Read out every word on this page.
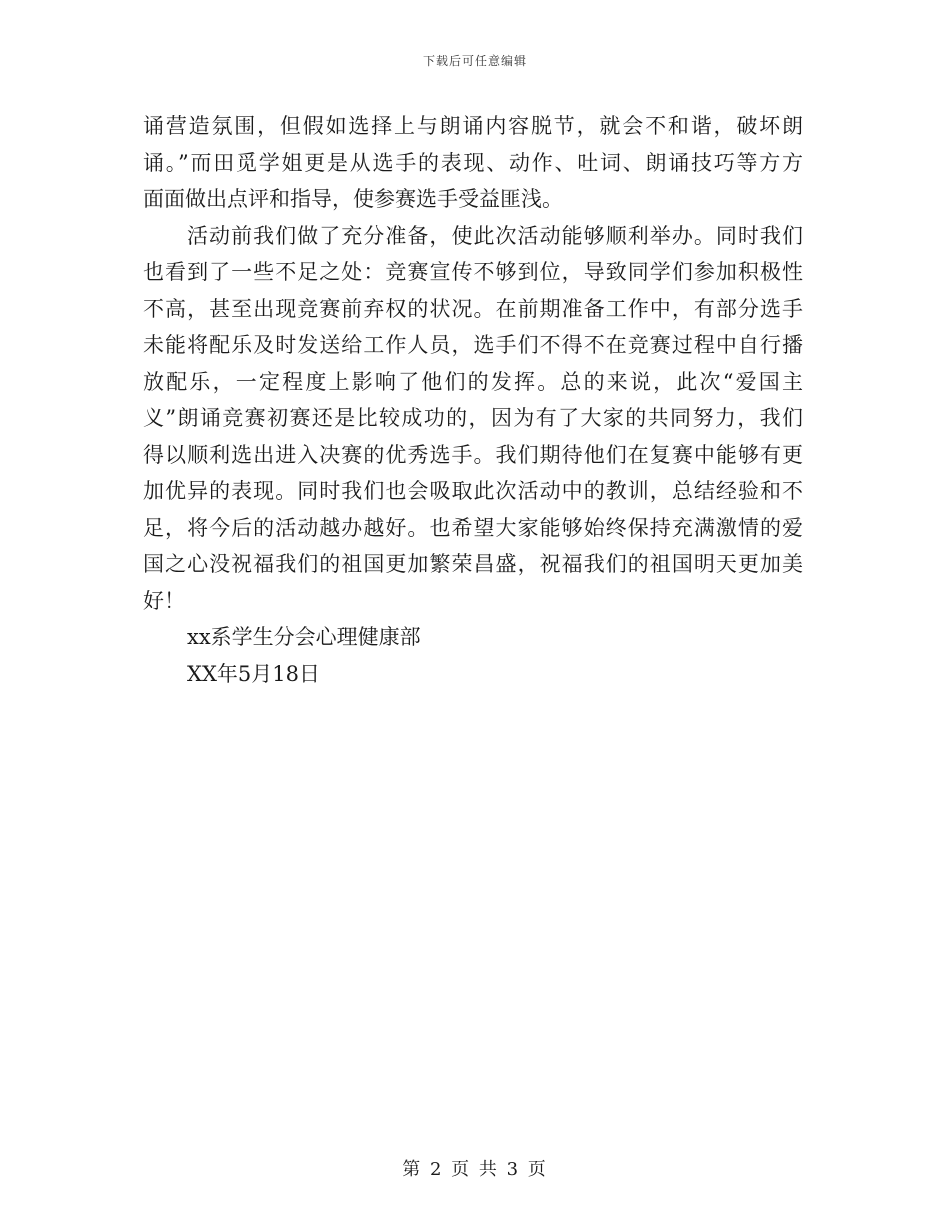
下载后可任意编辑
诵营造氛围，但假如选择上与朗诵内容脱节，就会不和谐，破坏朗
诵。”而田觅学姐更是从选手的表现、动作、吐词、朗诵技巧等方方
面面做出点评和指导，使参赛选手受益匪浅。
活动前我们做了充分准备，使此次活动能够顺利举办。同时我们
也看到了一些不足之处：竞赛宣传不够到位，导致同学们参加积极性
不高，甚至出现竞赛前弃权的状况。在前期准备工作中，有部分选手
未能将配乐及时发送给工作人员，选手们不得不在竞赛过程中自行播
放配乐，一定程度上影响了他们的发挥。总的来说，此次“爱国主
义”朗诵竞赛初赛还是比较成功的，因为有了大家的共同努力，我们
得以顺利选出进入决赛的优秀选手。我们期待他们在复赛中能够有更
加优异的表现。同时我们也会吸取此次活动中的教训，总结经验和不
足，将今后的活动越办越好。也希望大家能够始终保持充满激情的爱
国之心没祝福我们的祖国更加繁荣昌盛，祝福我们的祖国明天更加美
好！
xx系学生分会心理健康部
XX年5月18日
第 2 页 共 3 页
